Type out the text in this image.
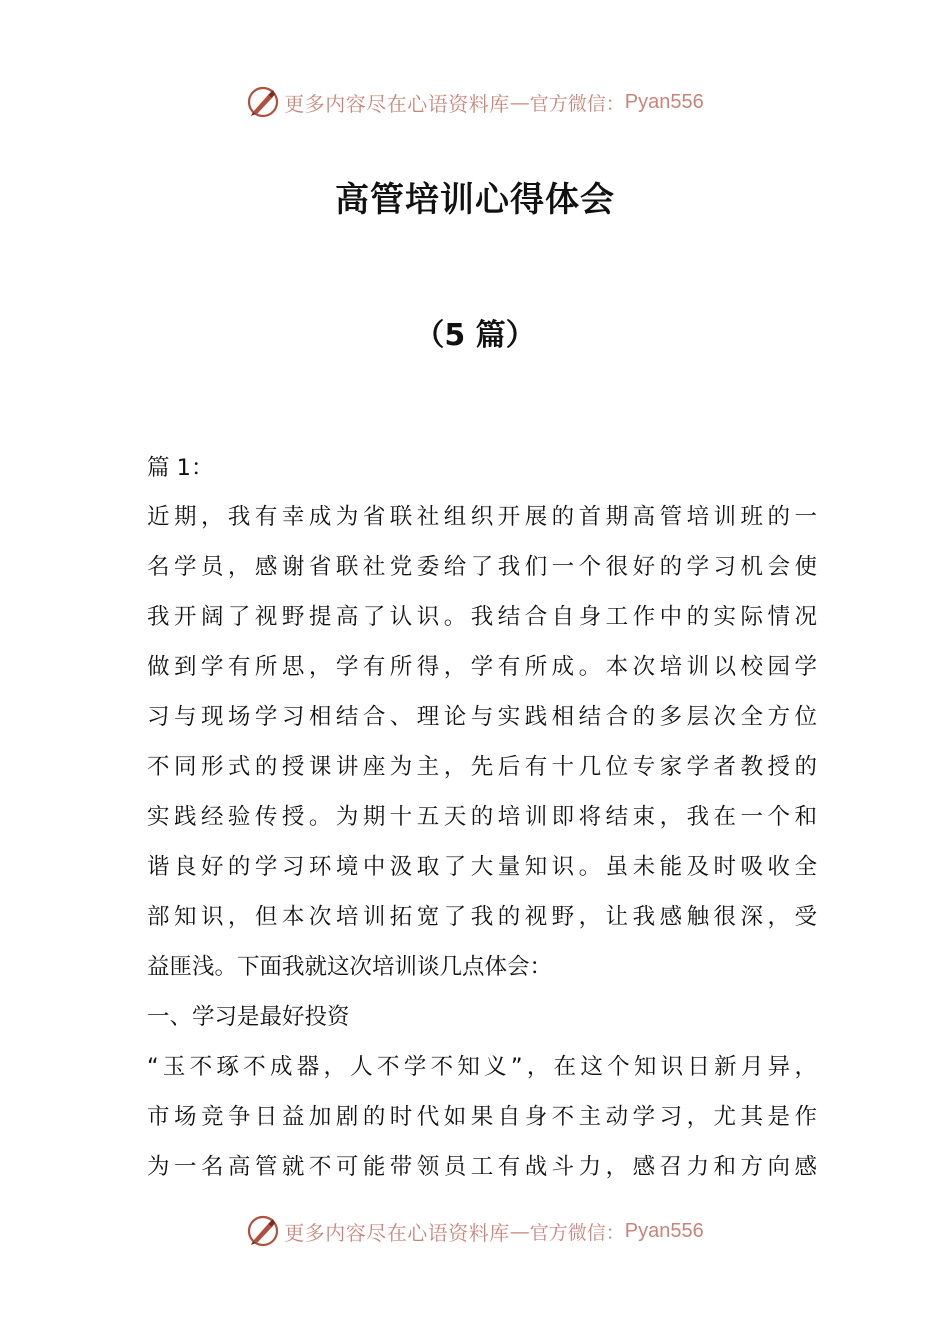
更多内容尽在心语资料库 — 官方微信： Pyan556
高管培训心得体会
（5 篇）
篇 1：
近期，我有幸成为省联社组织开展的首期高管培训班的一
名学员，感谢省联社党委给了我们一个很好的学习机会使
我开阔了视野提高了认识。我结合自身工作中的实际情况
做到学有所思，学有所得，学有所成。本次培训以校园学
习与现场学习相结合、理论与实践相结合的多层次全方位
不同形式的授课讲座为主，先后有十几位专家学者教授的
实践经验传授。为期十五天的培训即将结束，我在一个和
谐良好的学习环境中汲取了大量知识。虽未能及时吸收全
部知识，但本次培训拓宽了我的视野，让我感触很深，受
益匪浅。下面我就这次培训谈几点体会：
一、学习是最好投资
“玉不琢不成器，人不学不知义”，在这个知识日新月异，
市场竞争日益加剧的时代如果自身不主动学习，尤其是作
为一名高管就不可能带领员工有战斗力，感召力和方向感
更多内容尽在心语资料库 — 官方微信： Pyan556
